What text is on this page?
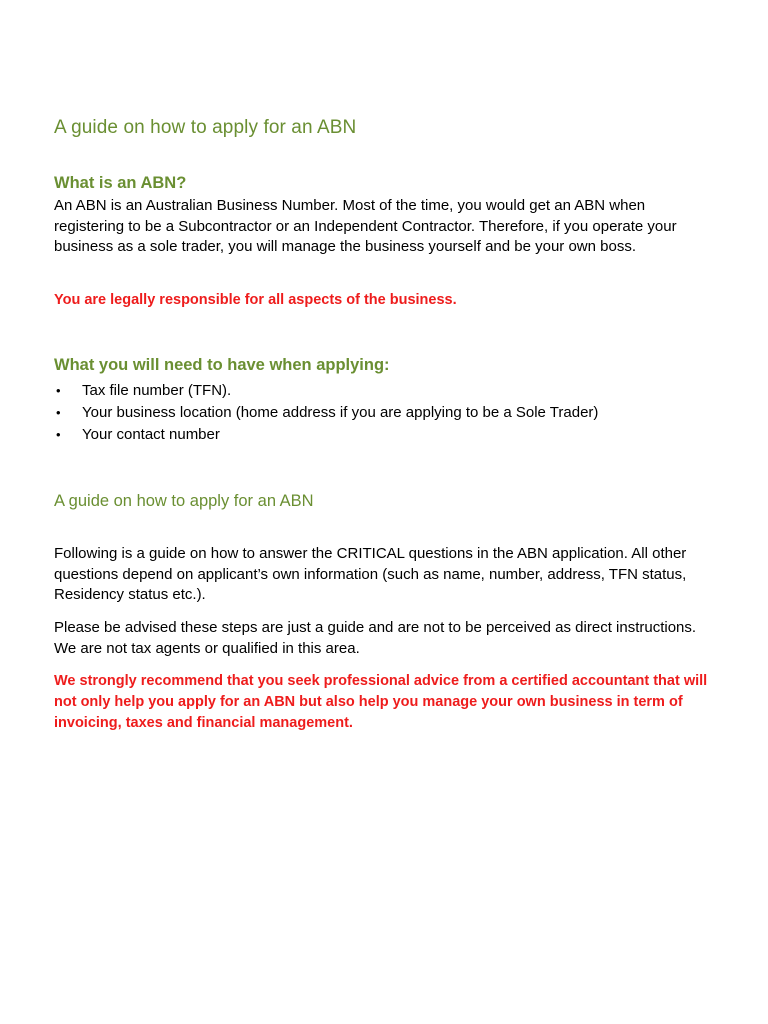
A guide on how to apply for an ABN
What is an ABN?

An ABN is an Australian Business Number. Most of the time, you would get an ABN when registering to be a Subcontractor or an Independent Contractor. Therefore, if you operate your business as a sole trader, you will manage the business yourself and be your own boss.

You are legally responsible for all aspects of the business.

What you will need to have when applying:
• Tax file number (TFN).
• Your business location (home address if you are applying to be a Sole Trader)
• Your contact number
A guide on how to apply for an ABN

Following is a guide on how to answer the CRITICAL questions in the ABN application. All other questions depend on applicant’s own information (such as name, number, address, TFN status, Residency status etc.).

Please be advised these steps are just a guide and are not to be perceived as direct instructions. We are not tax agents or qualified in this area.

We strongly recommend that you seek professional advice from a certified accountant that will not only help you apply for an ABN but also help you manage your own business in term of invoicing, taxes and financial management.
